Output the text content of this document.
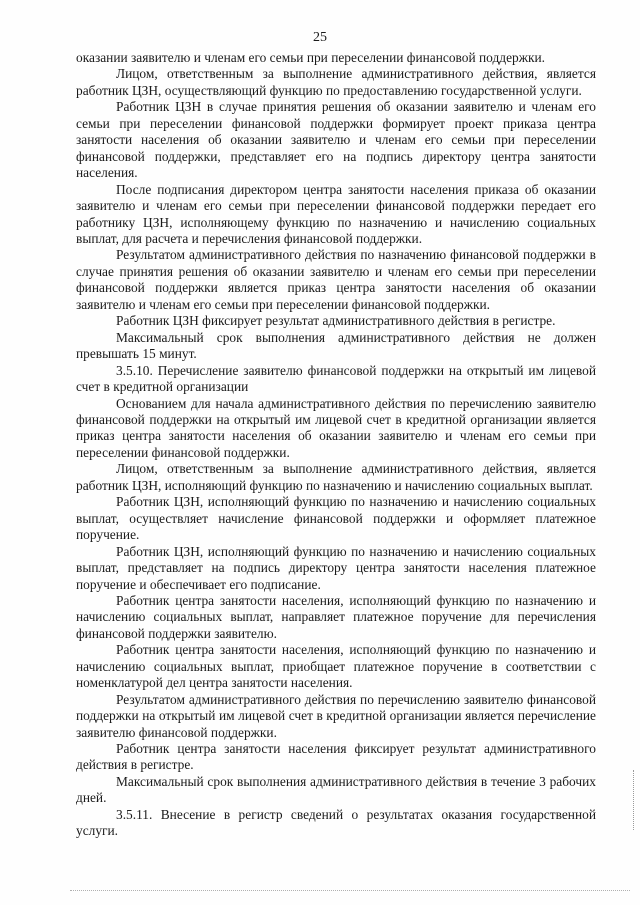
25

оказании заявителю и членам его семьи при переселении финансовой поддержки.

Лицом, ответственным за выполнение административного действия, является работник ЦЗН, осуществляющий функцию по предоставлению государственной услуги.

Работник ЦЗН в случае принятия решения об оказании заявителю и членам его семьи при переселении финансовой поддержки формирует проект приказа центра занятости населения об оказании заявителю и членам его семьи при переселении финансовой поддержки, представляет его на подпись директору центра занятости населения.

После подписания директором центра занятости населения приказа об оказании заявителю и членам его семьи при переселении финансовой поддержки передает его работнику ЦЗН, исполняющему функцию по назначению и начислению социальных выплат, для расчета и перечисления финансовой поддержки.

Результатом административного действия по назначению финансовой поддержки в случае принятия решения об оказании заявителю и членам его семьи при переселении финансовой поддержки является приказ центра занятости населения об оказании заявителю и членам его семьи при переселении финансовой поддержки.

Работник ЦЗН фиксирует результат административного действия в регистре.

Максимальный срок выполнения административного действия не должен превышать 15 минут.

3.5.10. Перечисление заявителю финансовой поддержки на открытый им лицевой счет в кредитной организации

Основанием для начала административного действия по перечислению заявителю финансовой поддержки на открытый им лицевой счет в кредитной организации является приказ центра занятости населения об оказании заявителю и членам его семьи при переселении финансовой поддержки.

Лицом, ответственным за выполнение административного действия, является работник ЦЗН, исполняющий функцию по назначению и начислению социальных выплат.

Работник ЦЗН, исполняющий функцию по назначению и начислению социальных выплат, осуществляет начисление финансовой поддержки и оформляет платежное поручение.

Работник ЦЗН, исполняющий функцию по назначению и начислению социальных выплат, представляет на подпись директору центра занятости населения платежное поручение и обеспечивает его подписание.

Работник центра занятости населения, исполняющий функцию по назначению и начислению социальных выплат, направляет платежное поручение для перечисления финансовой поддержки заявителю.

Работник центра занятости населения, исполняющий функцию по назначению и начислению социальных выплат, приобщает платежное поручение в соответствии с номенклатурой дел центра занятости населения.

Результатом административного действия по перечислению заявителю финансовой поддержки на открытый им лицевой счет в кредитной организации является перечисление заявителю финансовой поддержки.

Работник центра занятости населения фиксирует результат административного действия в регистре.

Максимальный срок выполнения административного действия в течение 3 рабочих дней.

3.5.11. Внесение в регистр сведений о результатах оказания государственной услуги.
